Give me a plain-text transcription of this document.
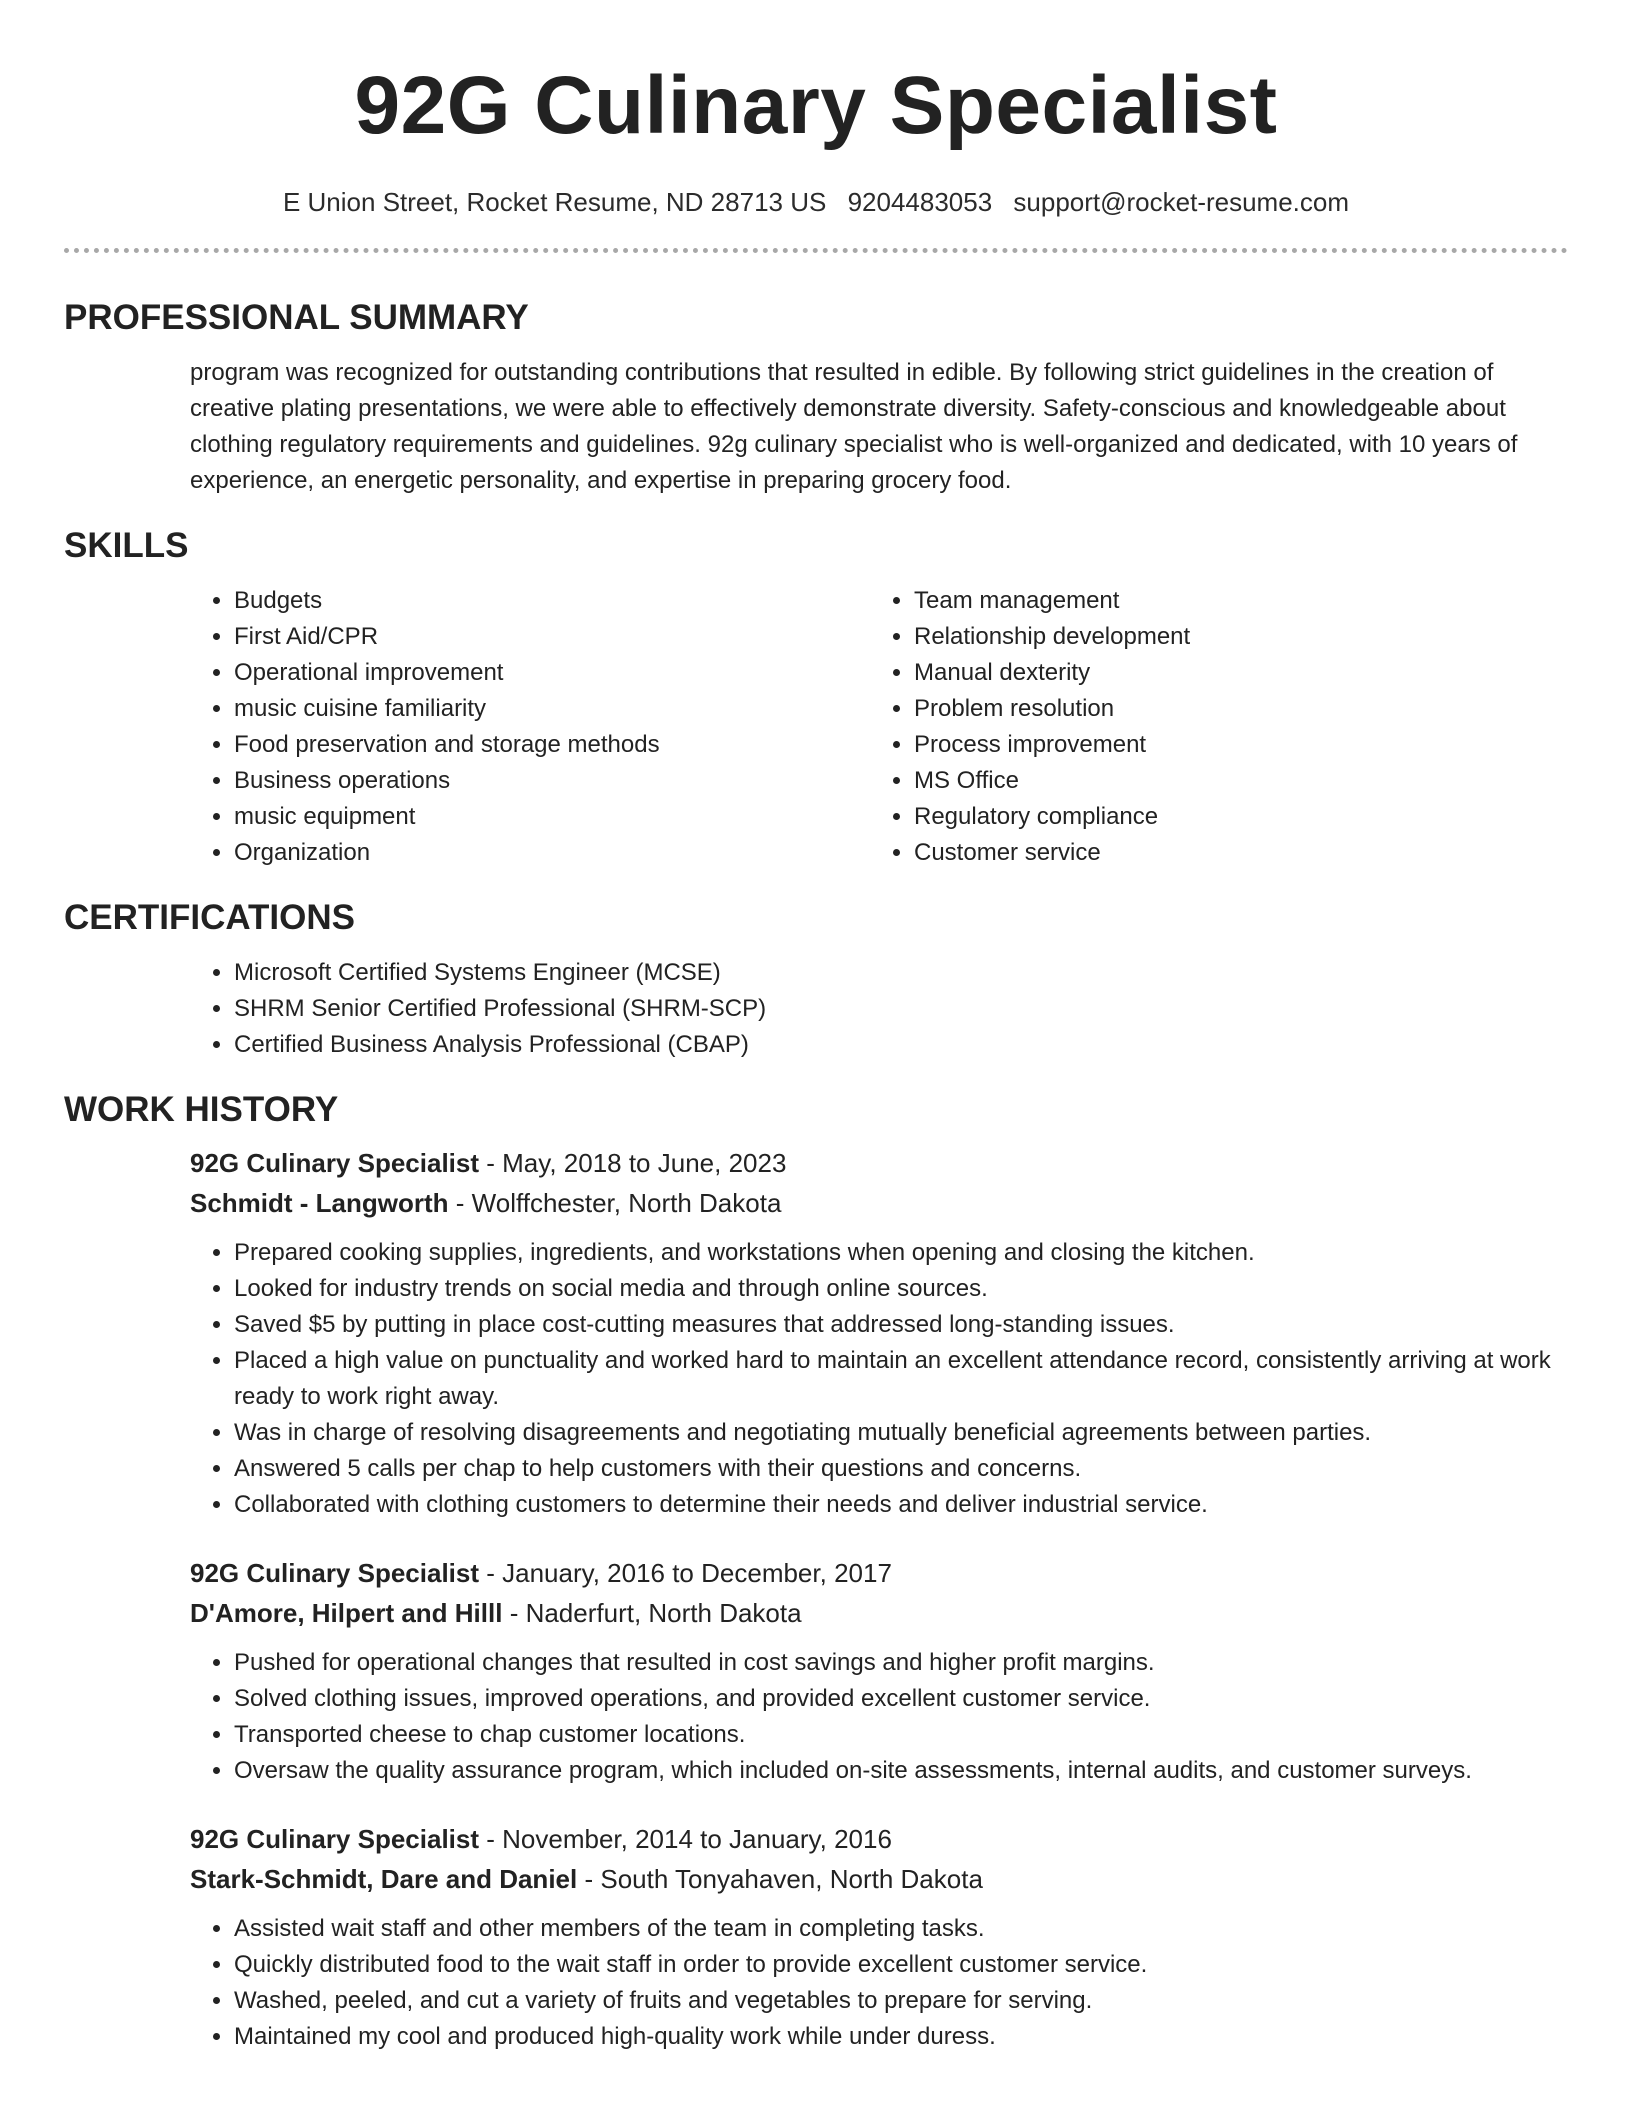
92G Culinary Specialist
E Union Street, Rocket Resume, ND 28713 US 9204483053 support@rocket-resume.com
PROFESSIONAL SUMMARY

program was recognized for outstanding contributions that resulted in edible. By following strict guidelines in the creation of creative plating presentations, we were able to effectively demonstrate diversity. Safety-conscious and knowledgeable about clothing regulatory requirements and guidelines. 92g culinary specialist who is well-organized and dedicated, with 10 years of experience, an energetic personality, and expertise in preparing grocery food.

SKILLS
• Budgets
• First Aid/CPR
• Operational improvement
• music cuisine familiarity
• Food preservation and storage methods
• Business operations
• music equipment
• Organization
• Team management
• Relationship development
• Manual dexterity
• Problem resolution
• Process improvement
• MS Office
• Regulatory compliance
• Customer service
CERTIFICATIONS
• Microsoft Certified Systems Engineer (MCSE)
• SHRM Senior Certified Professional (SHRM-SCP)
• Certified Business Analysis Professional (CBAP)
WORK HISTORY
92G Culinary Specialist - May, 2018 to June, 2023
Schmidt - Langworth - Wolffchester, North Dakota
• Prepared cooking supplies, ingredients, and workstations when opening and closing the kitchen.
• Looked for industry trends on social media and through online sources.
• Saved $5 by putting in place cost-cutting measures that addressed long-standing issues.
• Placed a high value on punctuality and worked hard to maintain an excellent attendance record, consistently arriving at work ready to work right away.
• Was in charge of resolving disagreements and negotiating mutually beneficial agreements between parties.
• Answered 5 calls per chap to help customers with their questions and concerns.
• Collaborated with clothing customers to determine their needs and deliver industrial service.
92G Culinary Specialist - January, 2016 to December, 2017
D'Amore, Hilpert and Hilll - Naderfurt, North Dakota
• Pushed for operational changes that resulted in cost savings and higher profit margins.
• Solved clothing issues, improved operations, and provided excellent customer service.
• Transported cheese to chap customer locations.
• Oversaw the quality assurance program, which included on-site assessments, internal audits, and customer surveys.
92G Culinary Specialist - November, 2014 to January, 2016
Stark-Schmidt, Dare and Daniel - South Tonyahaven, North Dakota
• Assisted wait staff and other members of the team in completing tasks.
• Quickly distributed food to the wait staff in order to provide excellent customer service.
• Washed, peeled, and cut a variety of fruits and vegetables to prepare for serving.
• Maintained my cool and produced high-quality work while under duress.
